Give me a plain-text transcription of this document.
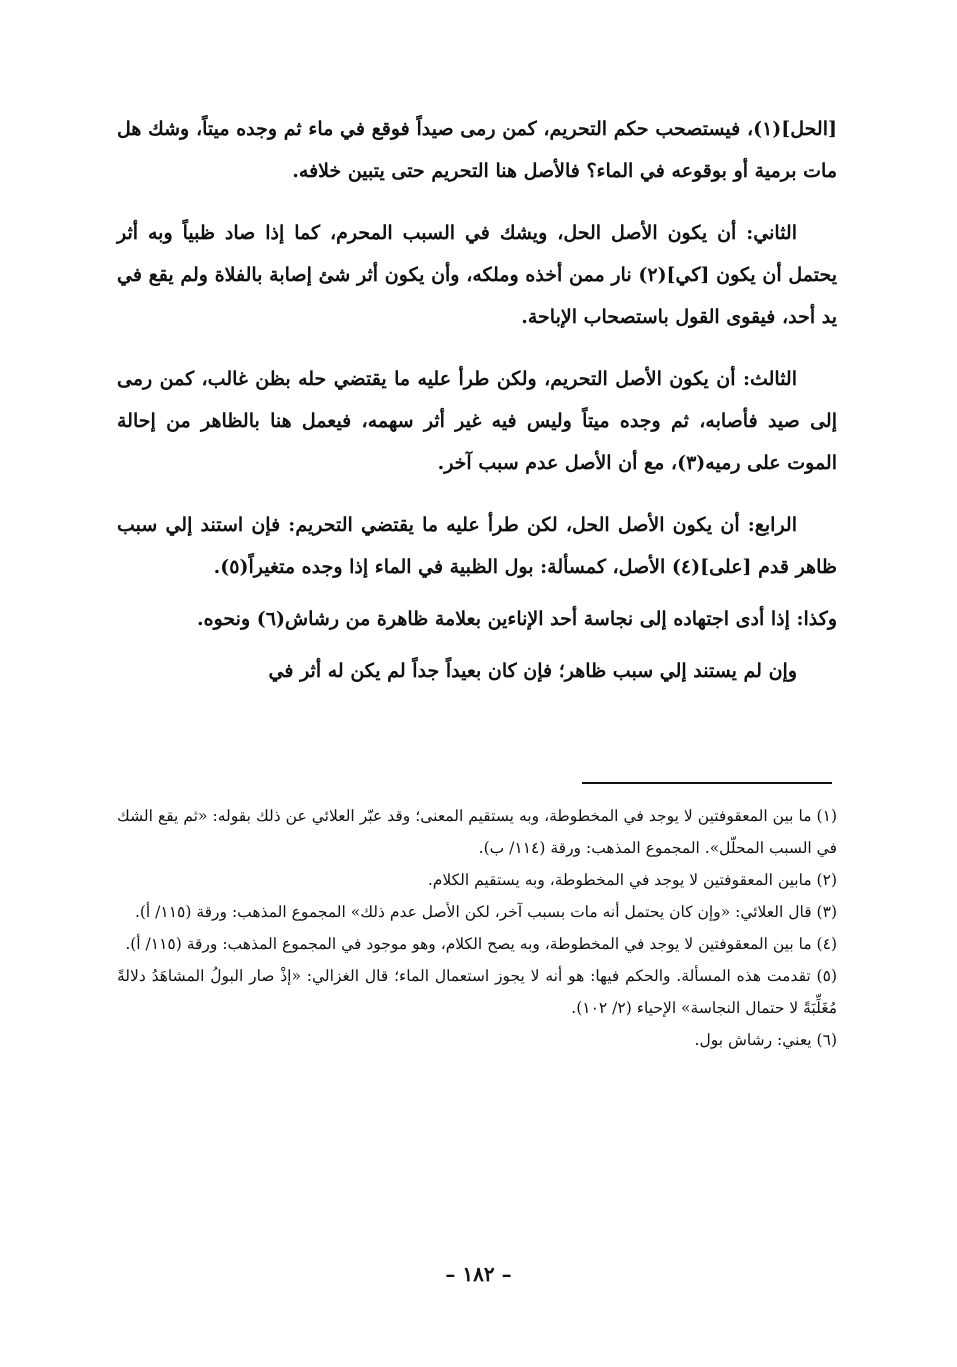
[الحل](١)، فيستصحب حكم التحريم، كمن رمى صيداً فوقع في ماء ثم وجده ميتاً، وشك هل مات برمية أو بوقوعه في الماء؟ فالأصل هنا التحريم حتى يتبين خلافه.

الثاني: أن يكون الأصل الحل، ويشك في السبب المحرم، كما إذا صاد ظبياً وبه أثر يحتمل أن يكون [كي](٢) نار ممن أخذه وملكه، وأن يكون أثر شئ إصابة بالفلاة ولم يقع في يد أحد، فيقوى القول باستصحاب الإباحة.

الثالث: أن يكون الأصل التحريم، ولكن طرأ عليه ما يقتضي حله بظن غالب، كمن رمى إلى صيد فأصابه، ثم وجده ميتاً وليس فيه غير أثر سهمه، فيعمل هنا بالظاهر من إحالة الموت على رميه(٣)، مع أن الأصل عدم سبب آخر.

الرابع: أن يكون الأصل الحل، لكن طرأ عليه ما يقتضي التحريم: فإن استند إلي سبب ظاهر قدم [على](٤) الأصل، كمسألة: بول الظبية في الماء إذا وجده متغيراً(٥).

وكذا: إذا أدى اجتهاده إلى نجاسة أحد الإناءين بعلامة ظاهرة من رشاش(٦) ونحوه.

وإن لم يستند إلي سبب ظاهر؛ فإن كان بعيداً جداً لم يكن له أثر في

(١) ما بين المعقوفتين لا يوجد في المخطوطة، وبه يستقيم المعنى؛ وقد عبّر العلائي عن ذلك بقوله: «ثم يقع الشك في السبب المحلّل». المجموع المذهب: ورقة (١١٤/ ب).

(٢) مابين المعقوفتين لا يوجد في المخطوطة، وبه يستقيم الكلام.

(٣) قال العلائي: «وإن كان يحتمل أنه مات بسبب آخر، لكن الأصل عدم ذلك» المجموع المذهب: ورقة (١١٥/ أ).

(٤) ما بين المعقوفتين لا يوجد في المخطوطة، وبه يصح الكلام، وهو موجود في المجموع المذهب: ورقة (١١٥/ أ).

(٥) تقدمت هذه المسألة. والحكم فيها: هو أنه لا يجوز استعمال الماء؛ قال الغزالي: «إذْ صار البولُ المشاهَدُ دلالةً مُغَلِّبَةً لا حتمال النجاسة» الإحياء (٢/ ١٠٢).

(٦) يعني: رشاش بول.

– ١٨٢ –
